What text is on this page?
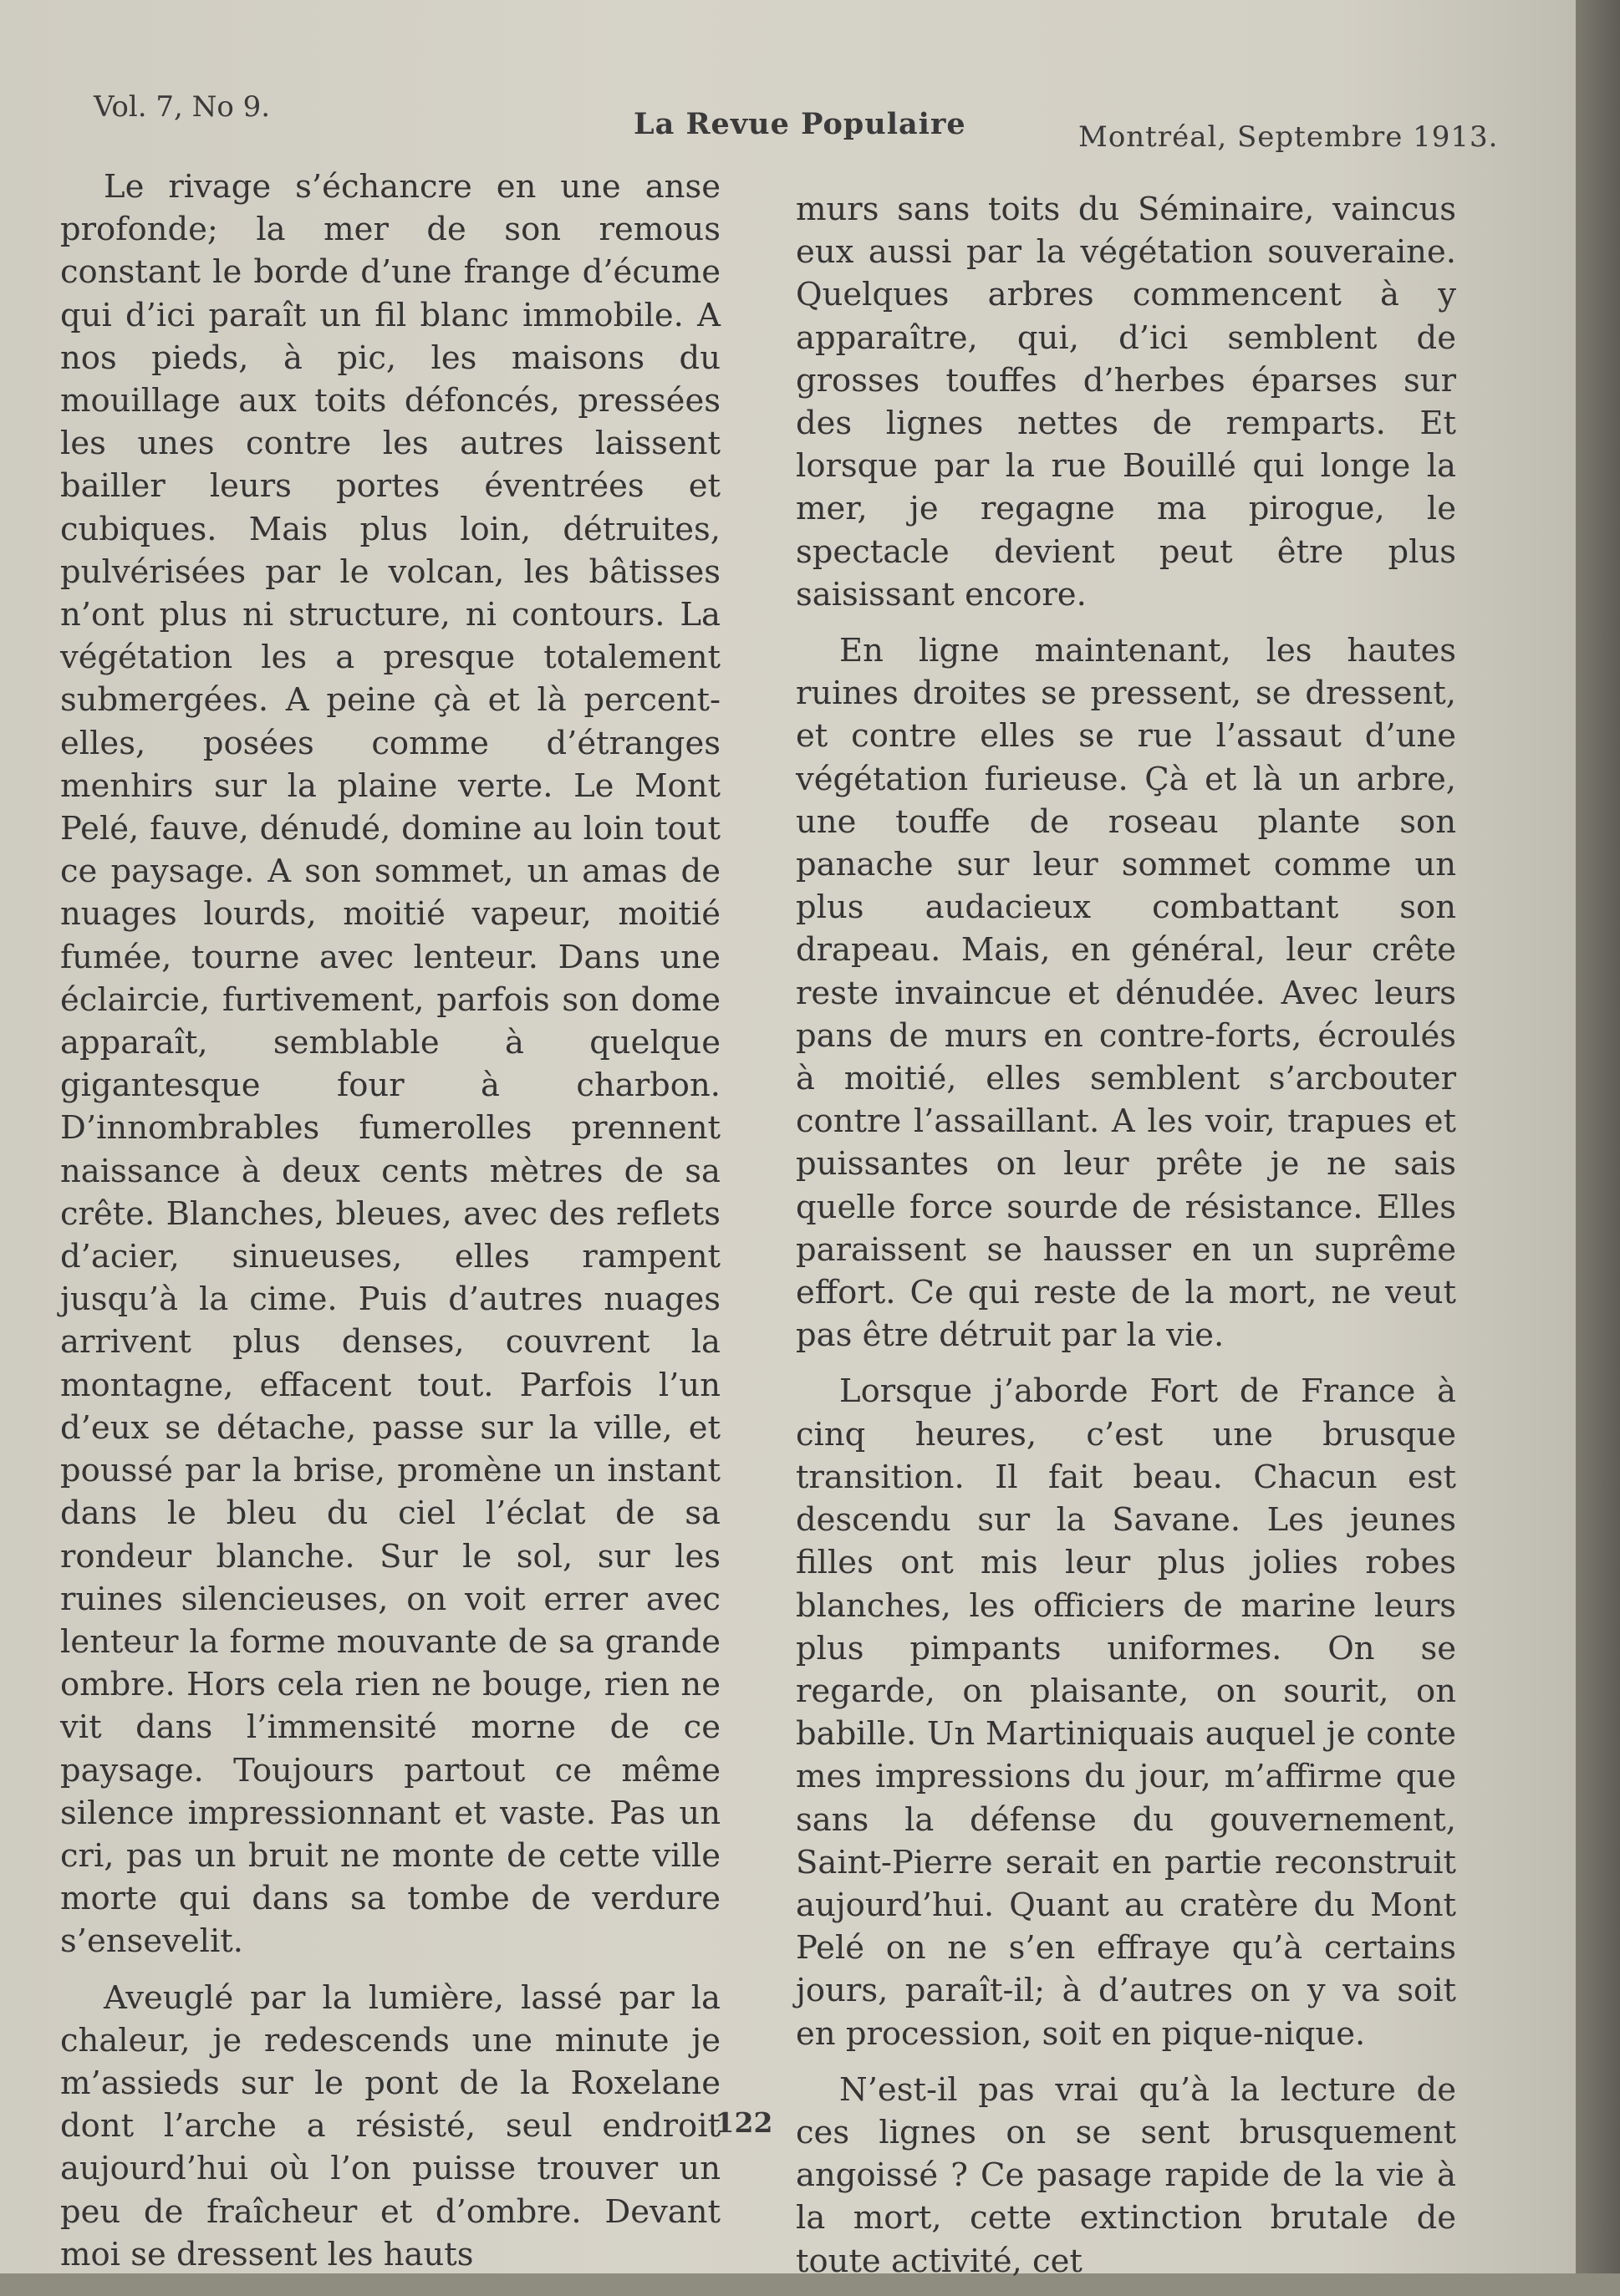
Vol. 7, No 9.	La Revue Populaire	Montréal, Septembre 1913.

Le rivage s’échancre en une anse profonde; la mer de son remous constant le borde d’une frange d’écume qui d’ici paraît un fil blanc immobile. A nos pieds, à pic, les maisons du mouillage aux toits défoncés, pressées les unes contre les autres laissent bailler leurs portes éventrées et cubiques. Mais plus loin, détruites, pulvérisées par le volcan, les bâtisses n’ont plus ni structure, ni contours. La végétation les a presque totalement submergées. A peine çà et là percent-elles, posées comme d’étranges menhirs sur la plaine verte. Le Mont Pelé, fauve, dénudé, domine au loin tout ce paysage. A son sommet, un amas de nuages lourds, moitié vapeur, moitié fumée, tourne avec lenteur. Dans une éclaircie, furtivement, parfois son dome apparaît, semblable à quelque gigantesque four à charbon. D’innombrables fumerolles prennent naissance à deux cents mètres de sa crête. Blanches, bleues, avec des reflets d’acier, sinueuses, elles rampent jusqu’à la cime. Puis d’autres nuages arrivent plus denses, couvrent la montagne, effacent tout. Parfois l’un d’eux se détache, passe sur la ville, et poussé par la brise, promène un instant dans le bleu du ciel l’éclat de sa rondeur blanche. Sur le sol, sur les ruines silencieuses, on voit errer avec lenteur la forme mouvante de sa grande ombre. Hors cela rien ne bouge, rien ne vit dans l’immensité morne de ce paysage. Toujours partout ce même silence impressionnant et vaste. Pas un cri, pas un bruit ne monte de cette ville morte qui dans sa tombe de verdure s’ensevelit.

Aveuglé par la lumière, lassé par la chaleur, je redescends une minute je m’assieds sur le pont de la Roxelane dont l’arche a résisté, seul endroit aujourd’hui où l’on puisse trouver un peu de fraîcheur et d’ombre. Devant moi se dressent les hauts

murs sans toits du Séminaire, vaincus eux aussi par la végétation souveraine. Quelques arbres commencent à y apparaître, qui, d’ici semblent de grosses touffes d’herbes éparses sur des lignes nettes de remparts. Et lorsque par la rue Bouillé qui longe la mer, je regagne ma pirogue, le spectacle devient peut être plus saisissant encore.

En ligne maintenant, les hautes ruines droites se pressent, se dressent, et contre elles se rue l’assaut d’une végétation furieuse. Çà et là un arbre, une touffe de roseau plante son panache sur leur sommet comme un plus audacieux combattant son drapeau. Mais, en général, leur crête reste invaincue et dénudée. Avec leurs pans de murs en contre-forts, écroulés à moitié, elles semblent s’arcbouter contre l’assaillant. A les voir, trapues et puissantes on leur prête je ne sais quelle force sourde de résistance. Elles paraissent se hausser en un suprême effort. Ce qui reste de la mort, ne veut pas être détruit par la vie.

Lorsque j’aborde Fort de France à cinq heures, c’est une brusque transition. Il fait beau. Chacun est descendu sur la Savane. Les jeunes filles ont mis leur plus jolies robes blanches, les officiers de marine leurs plus pimpants uniformes. On se regarde, on plaisante, on sourit, on babille. Un Martiniquais auquel je conte mes impressions du jour, m’affirme que sans la défense du gouvernement, Saint-Pierre serait en partie reconstruit aujourd’hui. Quant au cratère du Mont Pelé on ne s’en effraye qu’à certains jours, paraît-il; à d’autres on y va soit en procession, soit en pique-nique.

N’est-il pas vrai qu’à la lecture de ces lignes on se sent brusquement angoissé ? Ce pasage rapide de la vie à la mort, cette extinction brutale de toute activité, cet

122
